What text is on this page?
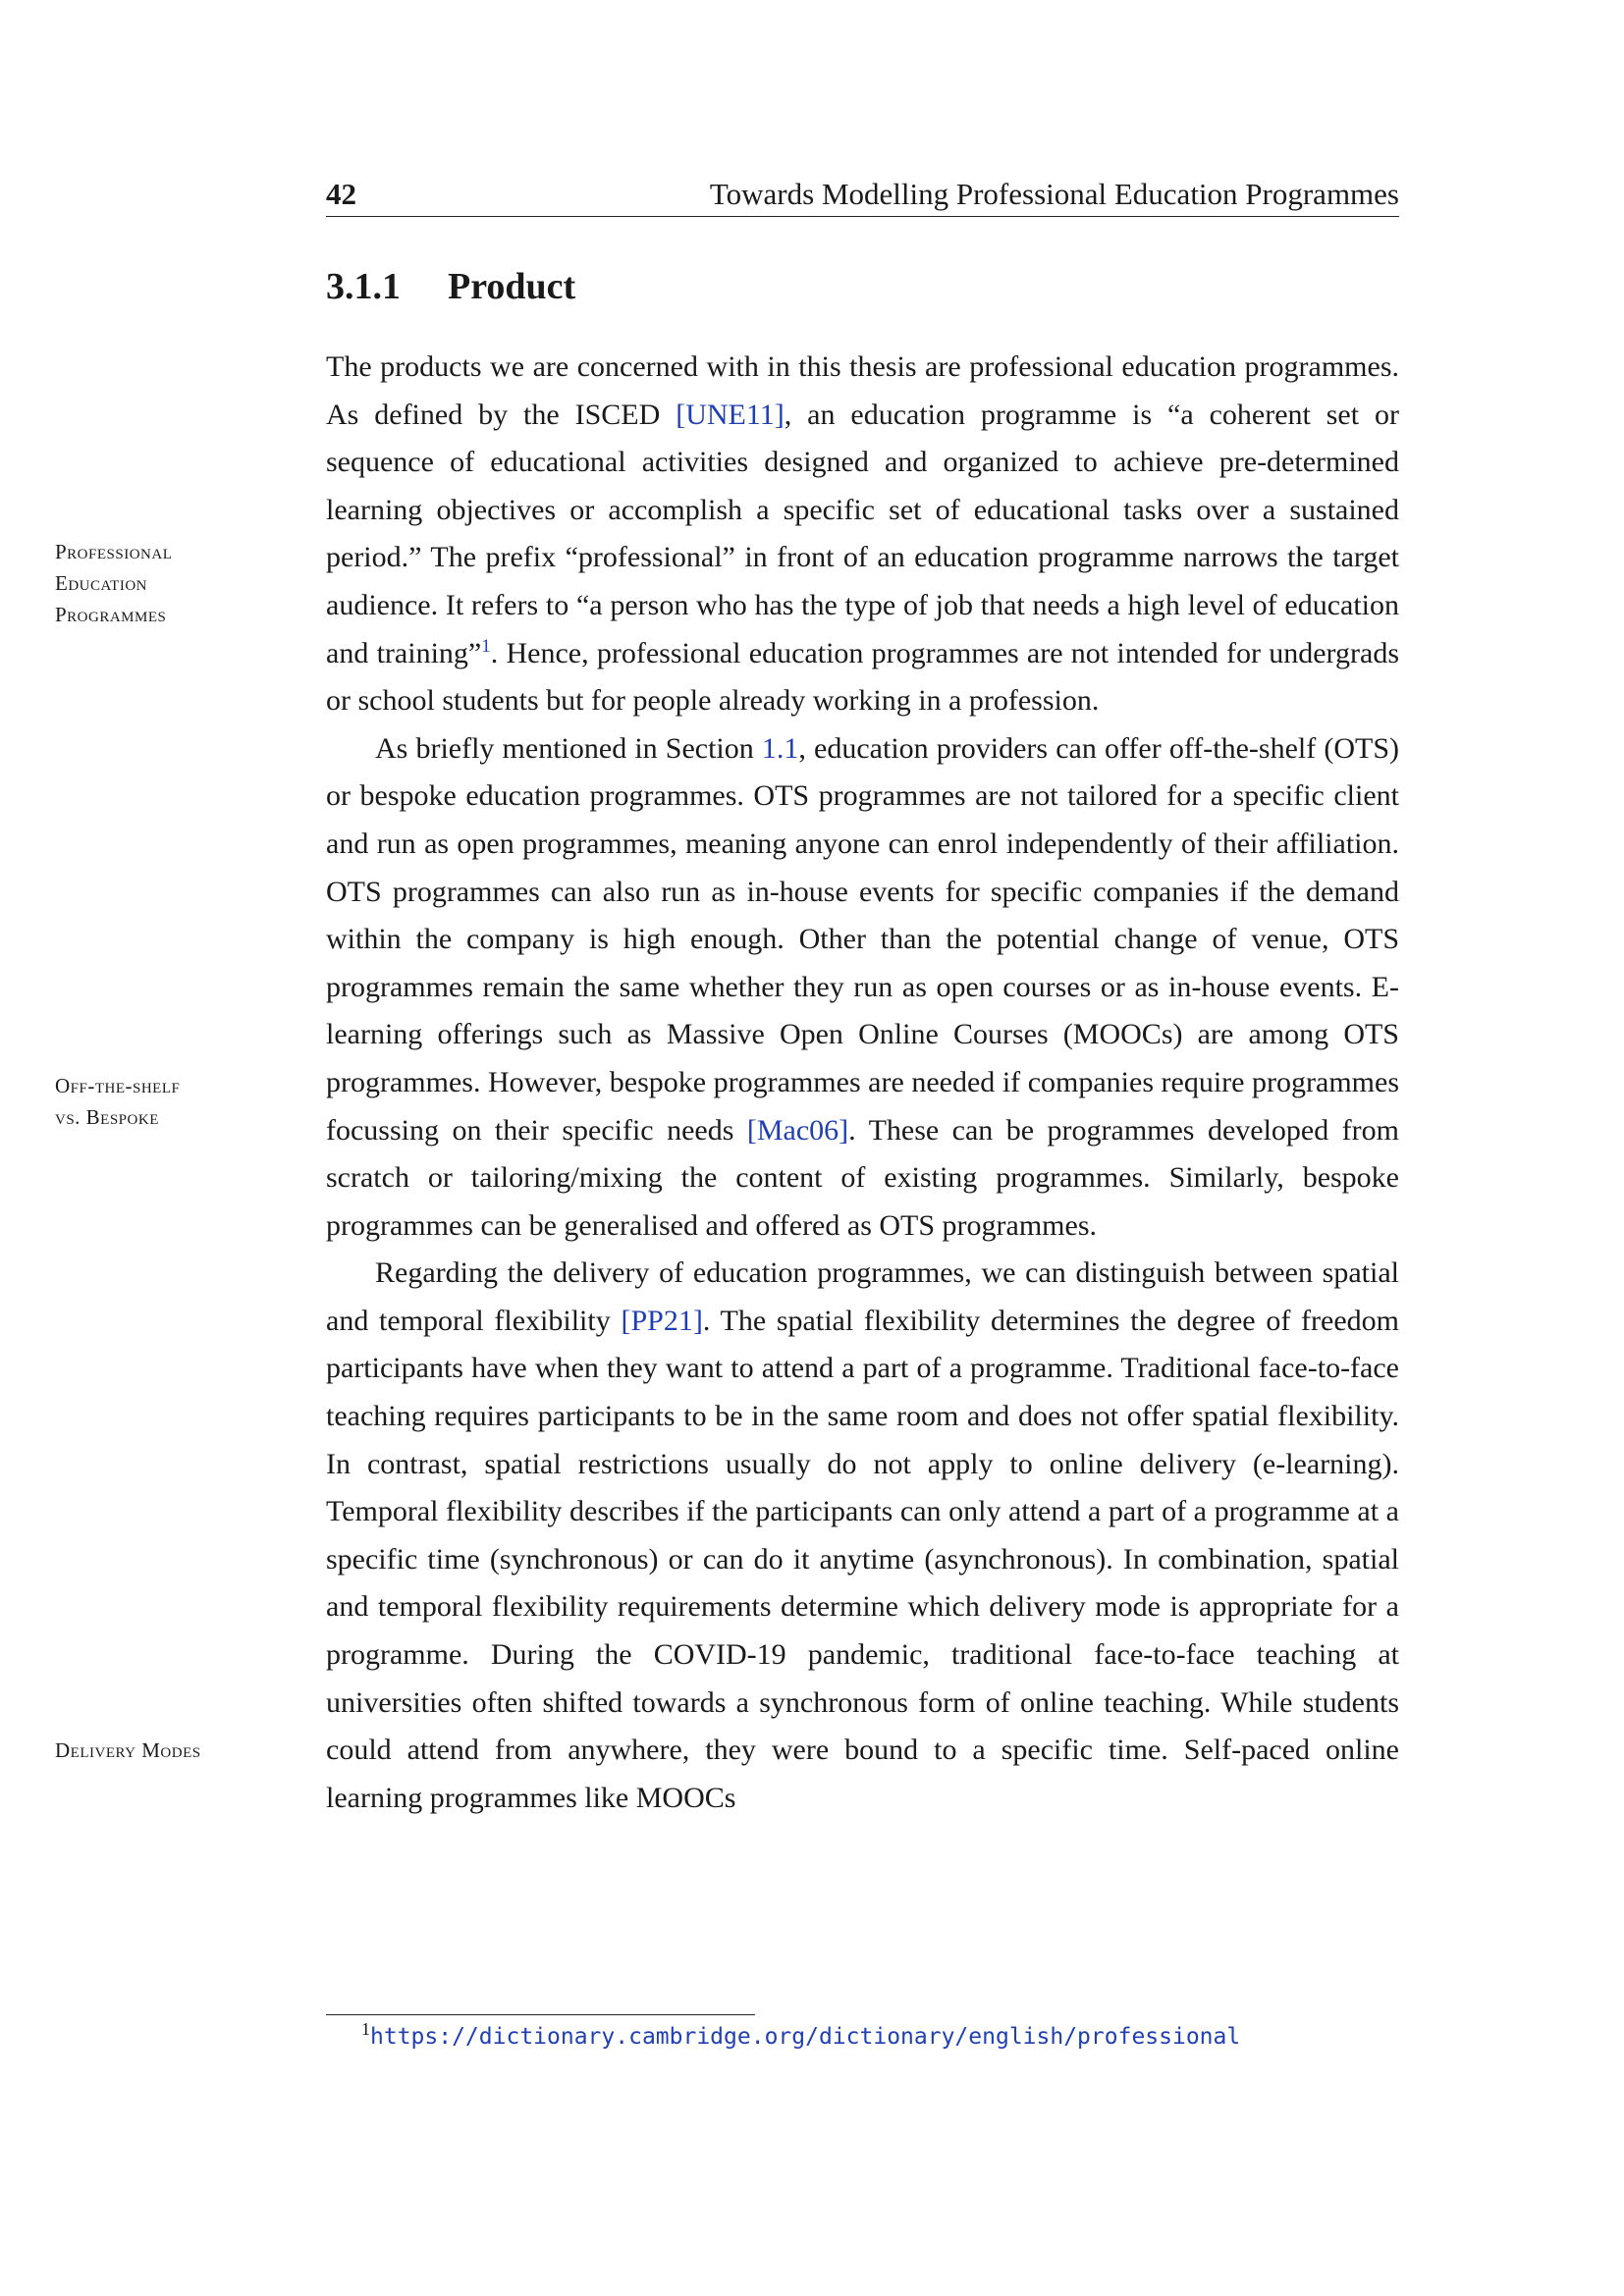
42	Towards Modelling Professional Education Programmes
3.1.1 Product
Professional
Education
Programmes
Off-the-shelf
vs. Bespoke
Delivery Modes

The products we are concerned with in this thesis are professional education programmes. As defined by the ISCED [UNE11], an education programme is “a coherent set or sequence of educational activities designed and organized to achieve pre-determined learning objectives or accomplish a specific set of educational tasks over a sustained period.” The prefix “professional” in front of an education programme narrows the target audience. It refers to “a person who has the type of job that needs a high level of education and training”$^1$. Hence, professional education programmes are not intended for undergrads or school students but for people already working in a profession.

As briefly mentioned in Section 1.1, education providers can offer off-the-shelf (OTS) or bespoke education programmes. OTS programmes are not tailored for a specific client and run as open programmes, meaning anyone can enrol independently of their affiliation. OTS programmes can also run as in-house events for specific companies if the demand within the company is high enough. Other than the potential change of venue, OTS programmes remain the same whether they run as open courses or as in-house events. E-learning offerings such as Massive Open Online Courses (MOOCs) are among OTS programmes. However, bespoke programmes are needed if companies require programmes focussing on their specific needs [Mac06]. These can be programmes developed from scratch or tailoring/mixing the content of existing programmes. Similarly, bespoke programmes can be generalised and offered as OTS programmes.

Regarding the delivery of education programmes, we can distinguish between spatial and temporal flexibility [PP21]. The spatial flexibility determines the degree of freedom participants have when they want to attend a part of a programme. Traditional face-to-face teaching requires participants to be in the same room and does not offer spatial flexibility. In contrast, spatial restrictions usually do not apply to online delivery (e-learning). Temporal flexibility describes if the participants can only attend a part of a programme at a specific time (synchronous) or can do it anytime (asynchronous). In combination, spatial and temporal flexibility requirements determine which delivery mode is appropriate for a programme. During the COVID-19 pandemic, traditional face-to-face teaching at universities often shifted towards a synchronous form of online teaching. While students could attend from anywhere, they were bound to a specific time. Self-paced online learning programmes like MOOCs

$^1$https://dictionary.cambridge.org/dictionary/english/professional
